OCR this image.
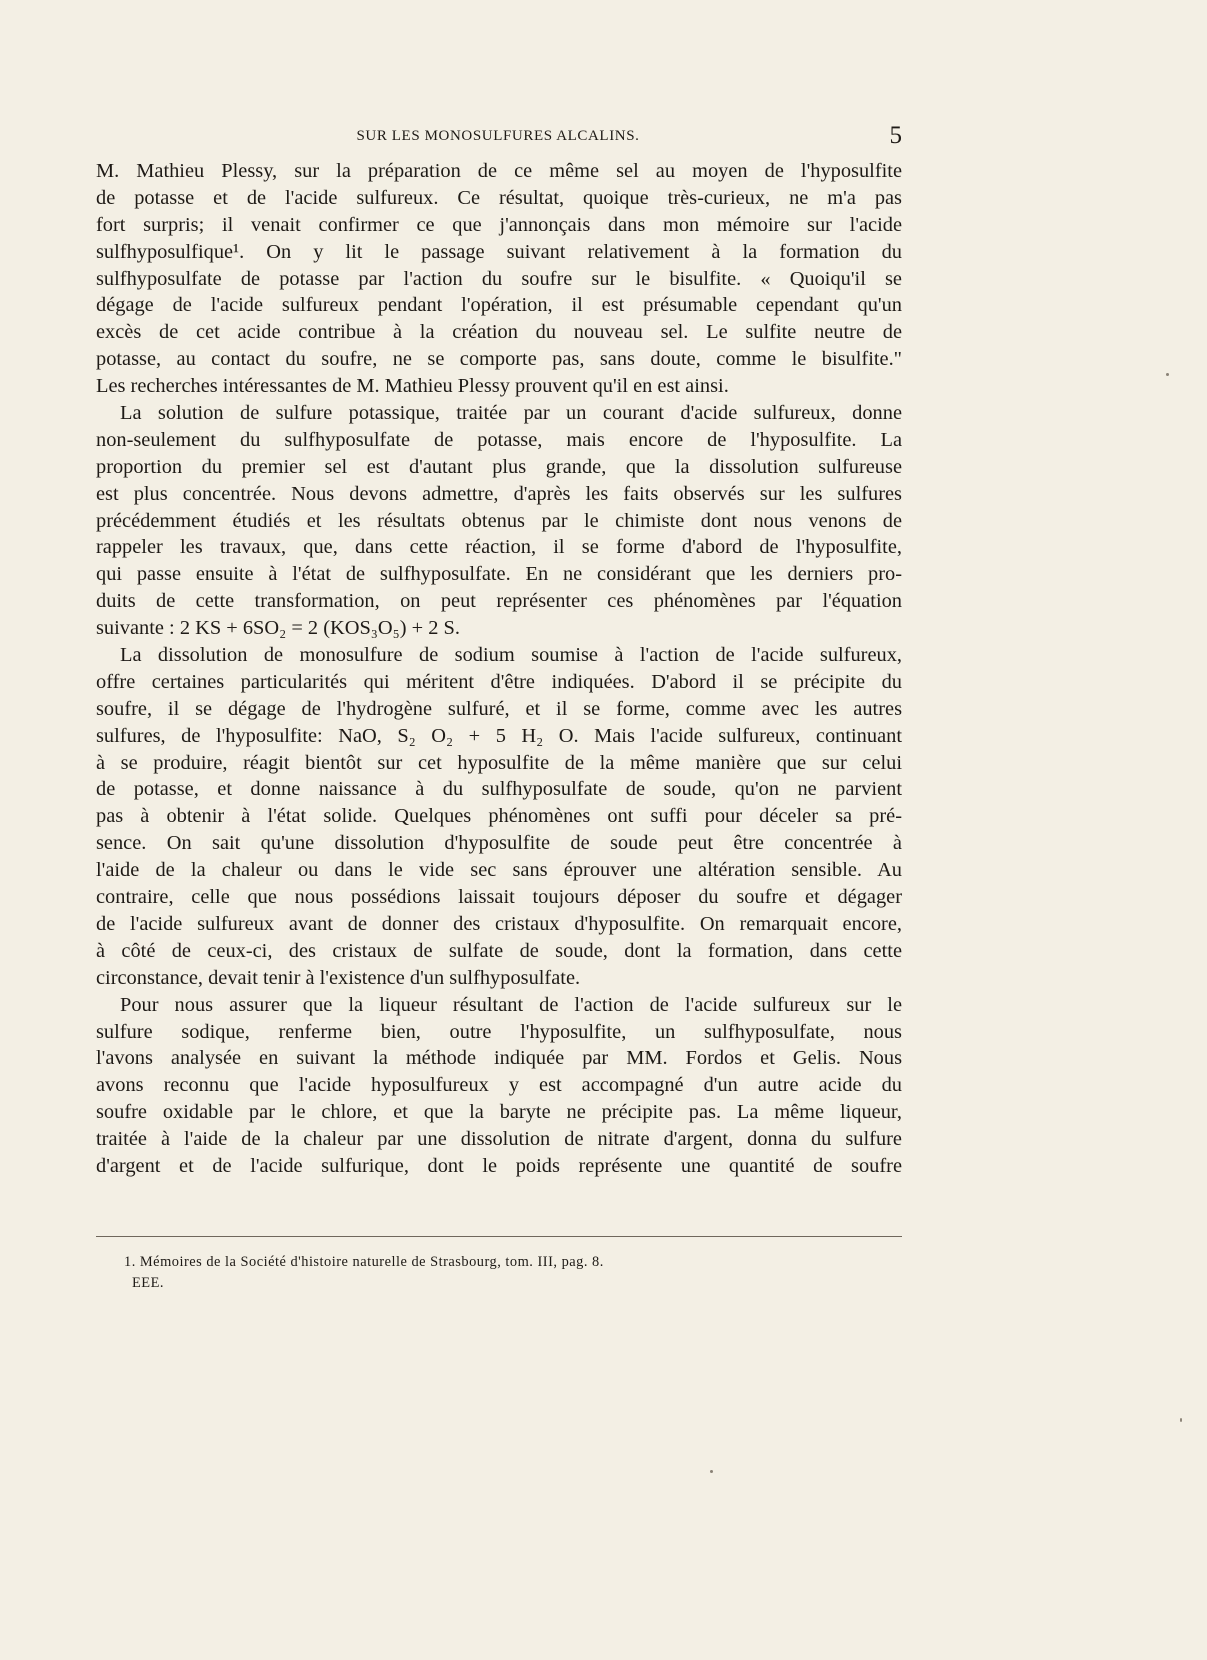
SUR LES MONOSULFURES ALCALINS.	5
M. Mathieu Plessy, sur la préparation de ce même sel au moyen de l'hyposulfite
de potasse et de l'acide sulfureux. Ce résultat, quoique très-curieux, ne m'a pas
fort surpris; il venait confirmer ce que j'annonçais dans mon mémoire sur l'acide
sulfhyposulfique¹. On y lit le passage suivant relativement à la formation du
sulfhyposulfate de potasse par l'action du soufre sur le bisulfite. « Quoiqu'il se
dégage de l'acide sulfureux pendant l'opération, il est présumable cependant qu'un
excès de cet acide contribue à la création du nouveau sel. Le sulfite neutre de
potasse, au contact du soufre, ne se comporte pas, sans doute, comme le bisulfite."
Les recherches intéressantes de M. Mathieu Plessy prouvent qu'il en est ainsi.
La solution de sulfure potassique, traitée par un courant d'acide sulfureux, donne
non-seulement du sulfhyposulfate de potasse, mais encore de l'hyposulfite. La
proportion du premier sel est d'autant plus grande, que la dissolution sulfureuse
est plus concentrée. Nous devons admettre, d'après les faits observés sur les sulfures
précédemment étudiés et les résultats obtenus par le chimiste dont nous venons de
rappeler les travaux, que, dans cette réaction, il se forme d'abord de l'hyposulfite,
qui passe ensuite à l'état de sulfhyposulfate. En ne considérant que les derniers pro-
duits de cette transformation, on peut représenter ces phénomènes par l'équation
suivante : 2 KS + 6SO₂ = 2 (KOS₃O₅) + 2 S.
La dissolution de monosulfure de sodium soumise à l'action de l'acide sulfureux,
offre certaines particularités qui méritent d'être indiquées. D'abord il se précipite du
soufre, il se dégage de l'hydrogène sulfuré, et il se forme, comme avec les autres
sulfures, de l'hyposulfite: NaO, S₂ O₂ + 5 H₂ O. Mais l'acide sulfureux, continuant
à se produire, réagit bientôt sur cet hyposulfite de la même manière que sur celui
de potasse, et donne naissance à du sulfhyposulfate de soude, qu'on ne parvient
pas à obtenir à l'état solide. Quelques phénomènes ont suffi pour déceler sa pré-
sence. On sait qu'une dissolution d'hyposulfite de soude peut être concentrée à
l'aide de la chaleur ou dans le vide sec sans éprouver une altération sensible. Au
contraire, celle que nous possédions laissait toujours déposer du soufre et dégager
de l'acide sulfureux avant de donner des cristaux d'hyposulfite. On remarquait encore,
à côté de ceux-ci, des cristaux de sulfate de soude, dont la formation, dans cette
circonstance, devait tenir à l'existence d'un sulfhyposulfate.
Pour nous assurer que la liqueur résultant de l'action de l'acide sulfureux sur le
sulfure sodique, renferme bien, outre l'hyposulfite, un sulfhyposulfate, nous
l'avons analysée en suivant la méthode indiquée par MM. Fordos et Gelis. Nous
avons reconnu que l'acide hyposulfureux y est accompagné d'un autre acide du
soufre oxidable par le chlore, et que la baryte ne précipite pas. La même liqueur,
traitée à l'aide de la chaleur par une dissolution de nitrate d'argent, donna du sulfure
d'argent et de l'acide sulfurique, dont le poids représente une quantité de soufre
1. Mémoires de la Société d'histoire naturelle de Strasbourg, tom. III, pag. 8.
EEE.
